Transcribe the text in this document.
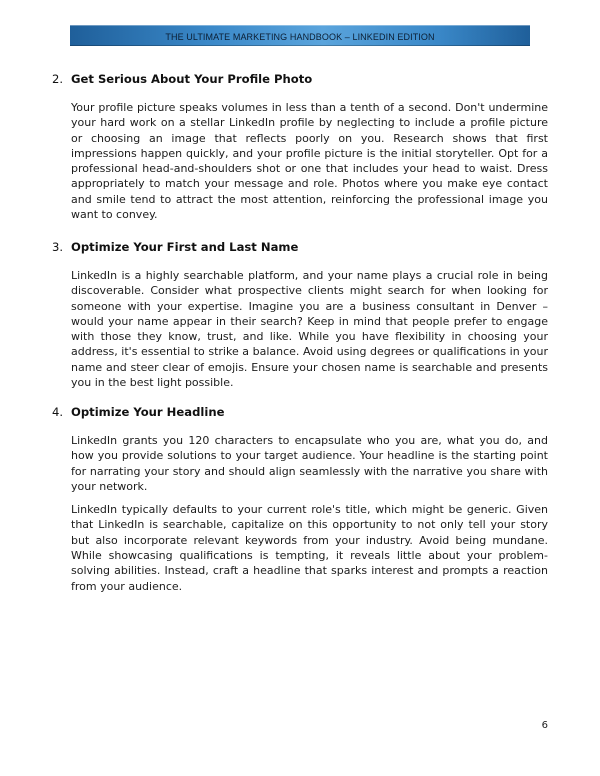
THE ULTIMATE MARKETING HANDBOOK – LINKEDIN EDITION
2. Get Serious About Your Profile Photo

Your profile picture speaks volumes in less than a tenth of a second. Don't undermine your hard work on a stellar LinkedIn profile by neglecting to include a profile picture or choosing an image that reflects poorly on you. Research shows that first impressions happen quickly, and your profile picture is the initial storyteller. Opt for a professional head-and-shoulders shot or one that includes your head to waist. Dress appropriately to match your message and role. Photos where you make eye contact and smile tend to attract the most attention, reinforcing the professional image you want to convey.

3. Optimize Your First and Last Name

LinkedIn is a highly searchable platform, and your name plays a crucial role in being discoverable. Consider what prospective clients might search for when looking for someone with your expertise. Imagine you are a business consultant in Denver – would your name appear in their search? Keep in mind that people prefer to engage with those they know, trust, and like. While you have flexibility in choosing your address, it's essential to strike a balance. Avoid using degrees or qualifications in your name and steer clear of emojis. Ensure your chosen name is searchable and presents you in the best light possible.

4. Optimize Your Headline

LinkedIn grants you 120 characters to encapsulate who you are, what you do, and how you provide solutions to your target audience. Your headline is the starting point for narrating your story and should align seamlessly with the narrative you share with your network.

LinkedIn typically defaults to your current role's title, which might be generic. Given that LinkedIn is searchable, capitalize on this opportunity to not only tell your story but also incorporate relevant keywords from your industry. Avoid being mundane. While showcasing qualifications is tempting, it reveals little about your problem-solving abilities. Instead, craft a headline that sparks interest and prompts a reaction from your audience.

6
